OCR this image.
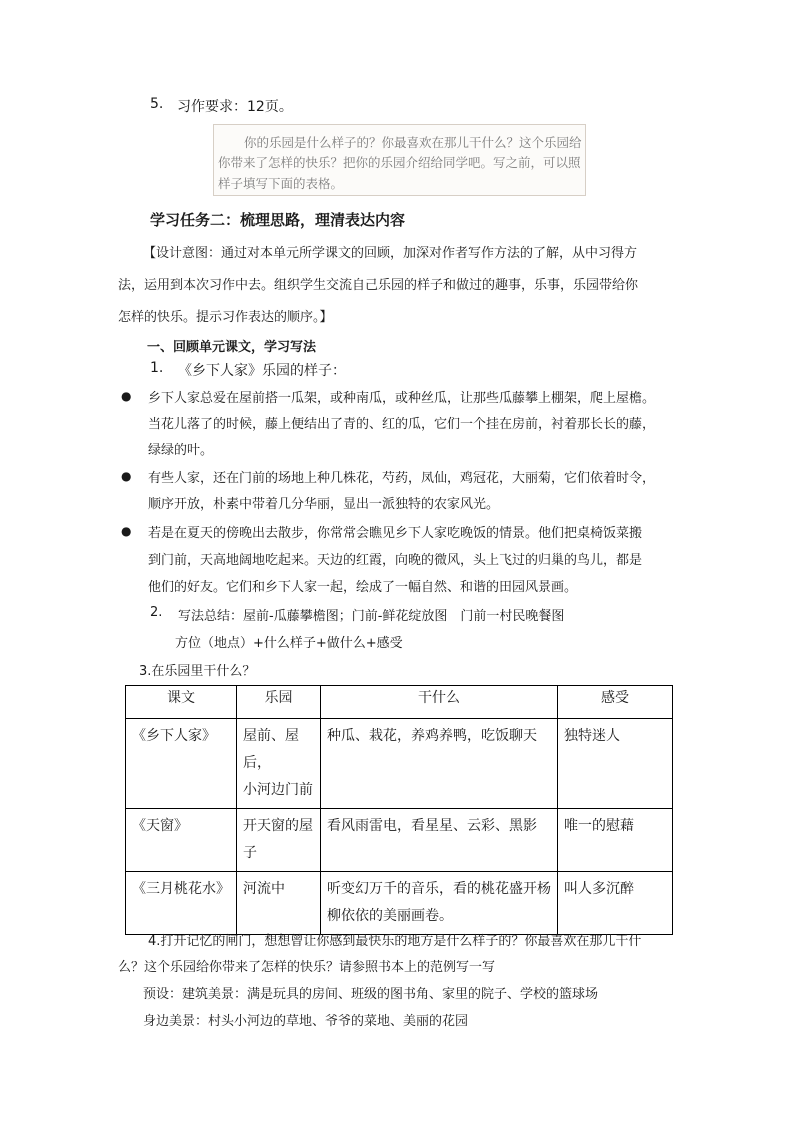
5. 习作要求：12页。
你的乐园是什么样子的？你最喜欢在那儿干什么？这个乐园给
你带来了怎样的快乐？把你的乐园介绍给同学吧。写之前，可以照
样子填写下面的表格。
学习任务二：梳理思路，理清表达内容
【设计意图：通过对本单元所学课文的回顾，加深对作者写作方法的了解，从中习得方
法，运用到本次习作中去。组织学生交流自己乐园的样子和做过的趣事，乐事，乐园带给你
怎样的快乐。提示习作表达的顺序。】
一、回顾单元课文，学习写法
1. 《乡下人家》乐园的样子：
● 乡下人家总爱在屋前搭一瓜架，或种南瓜，或种丝瓜，让那些瓜藤攀上棚架，爬上屋檐。
当花儿落了的时候，藤上便结出了青的、红的瓜，它们一个挂在房前，衬着那长长的藤，
绿绿的叶。
● 有些人家，还在门前的场地上种几株花，芍药，凤仙，鸡冠花，大丽菊，它们依着时令，
顺序开放，朴素中带着几分华丽，显出一派独特的农家风光。
● 若是在夏天的傍晚出去散步，你常常会瞧见乡下人家吃晚饭的情景。他们把桌椅饭菜搬
到门前，天高地阔地吃起来。天边的红霞，向晚的微风，头上飞过的归巢的鸟儿，都是
他们的好友。它们和乡下人家一起，绘成了一幅自然、和谐的田园风景画。
2. 写法总结：屋前-瓜藤攀檐图；门前-鲜花绽放图　门前一村民晚餐图
方位（地点）+什么样子+做什么+感受
3.在乐园里干什么？
课文	乐园	干什么	感受
《乡下人家》	屋前、屋后，
小河边门前	种瓜、栽花，养鸡养鸭，吃饭聊天	独特迷人
《天窗》	开天窗的屋
子	看风雨雷电，看星星、云彩、黑影	唯一的慰藉
《三月桃花水》	河流中	听变幻万千的音乐，看的桃花盛开杨
柳依依的美丽画卷。	叫人多沉醉
4.打开记忆的闸门，想想曾让你感到最快乐的地方是什么样子的？你最喜欢在那儿干什
么？这个乐园给你带来了怎样的快乐？请参照书本上的范例写一写
预设：建筑美景：满是玩具的房间、班级的图书角、家里的院子、学校的篮球场
身边美景：村头小河边的草地、爷爷的菜地、美丽的花园
